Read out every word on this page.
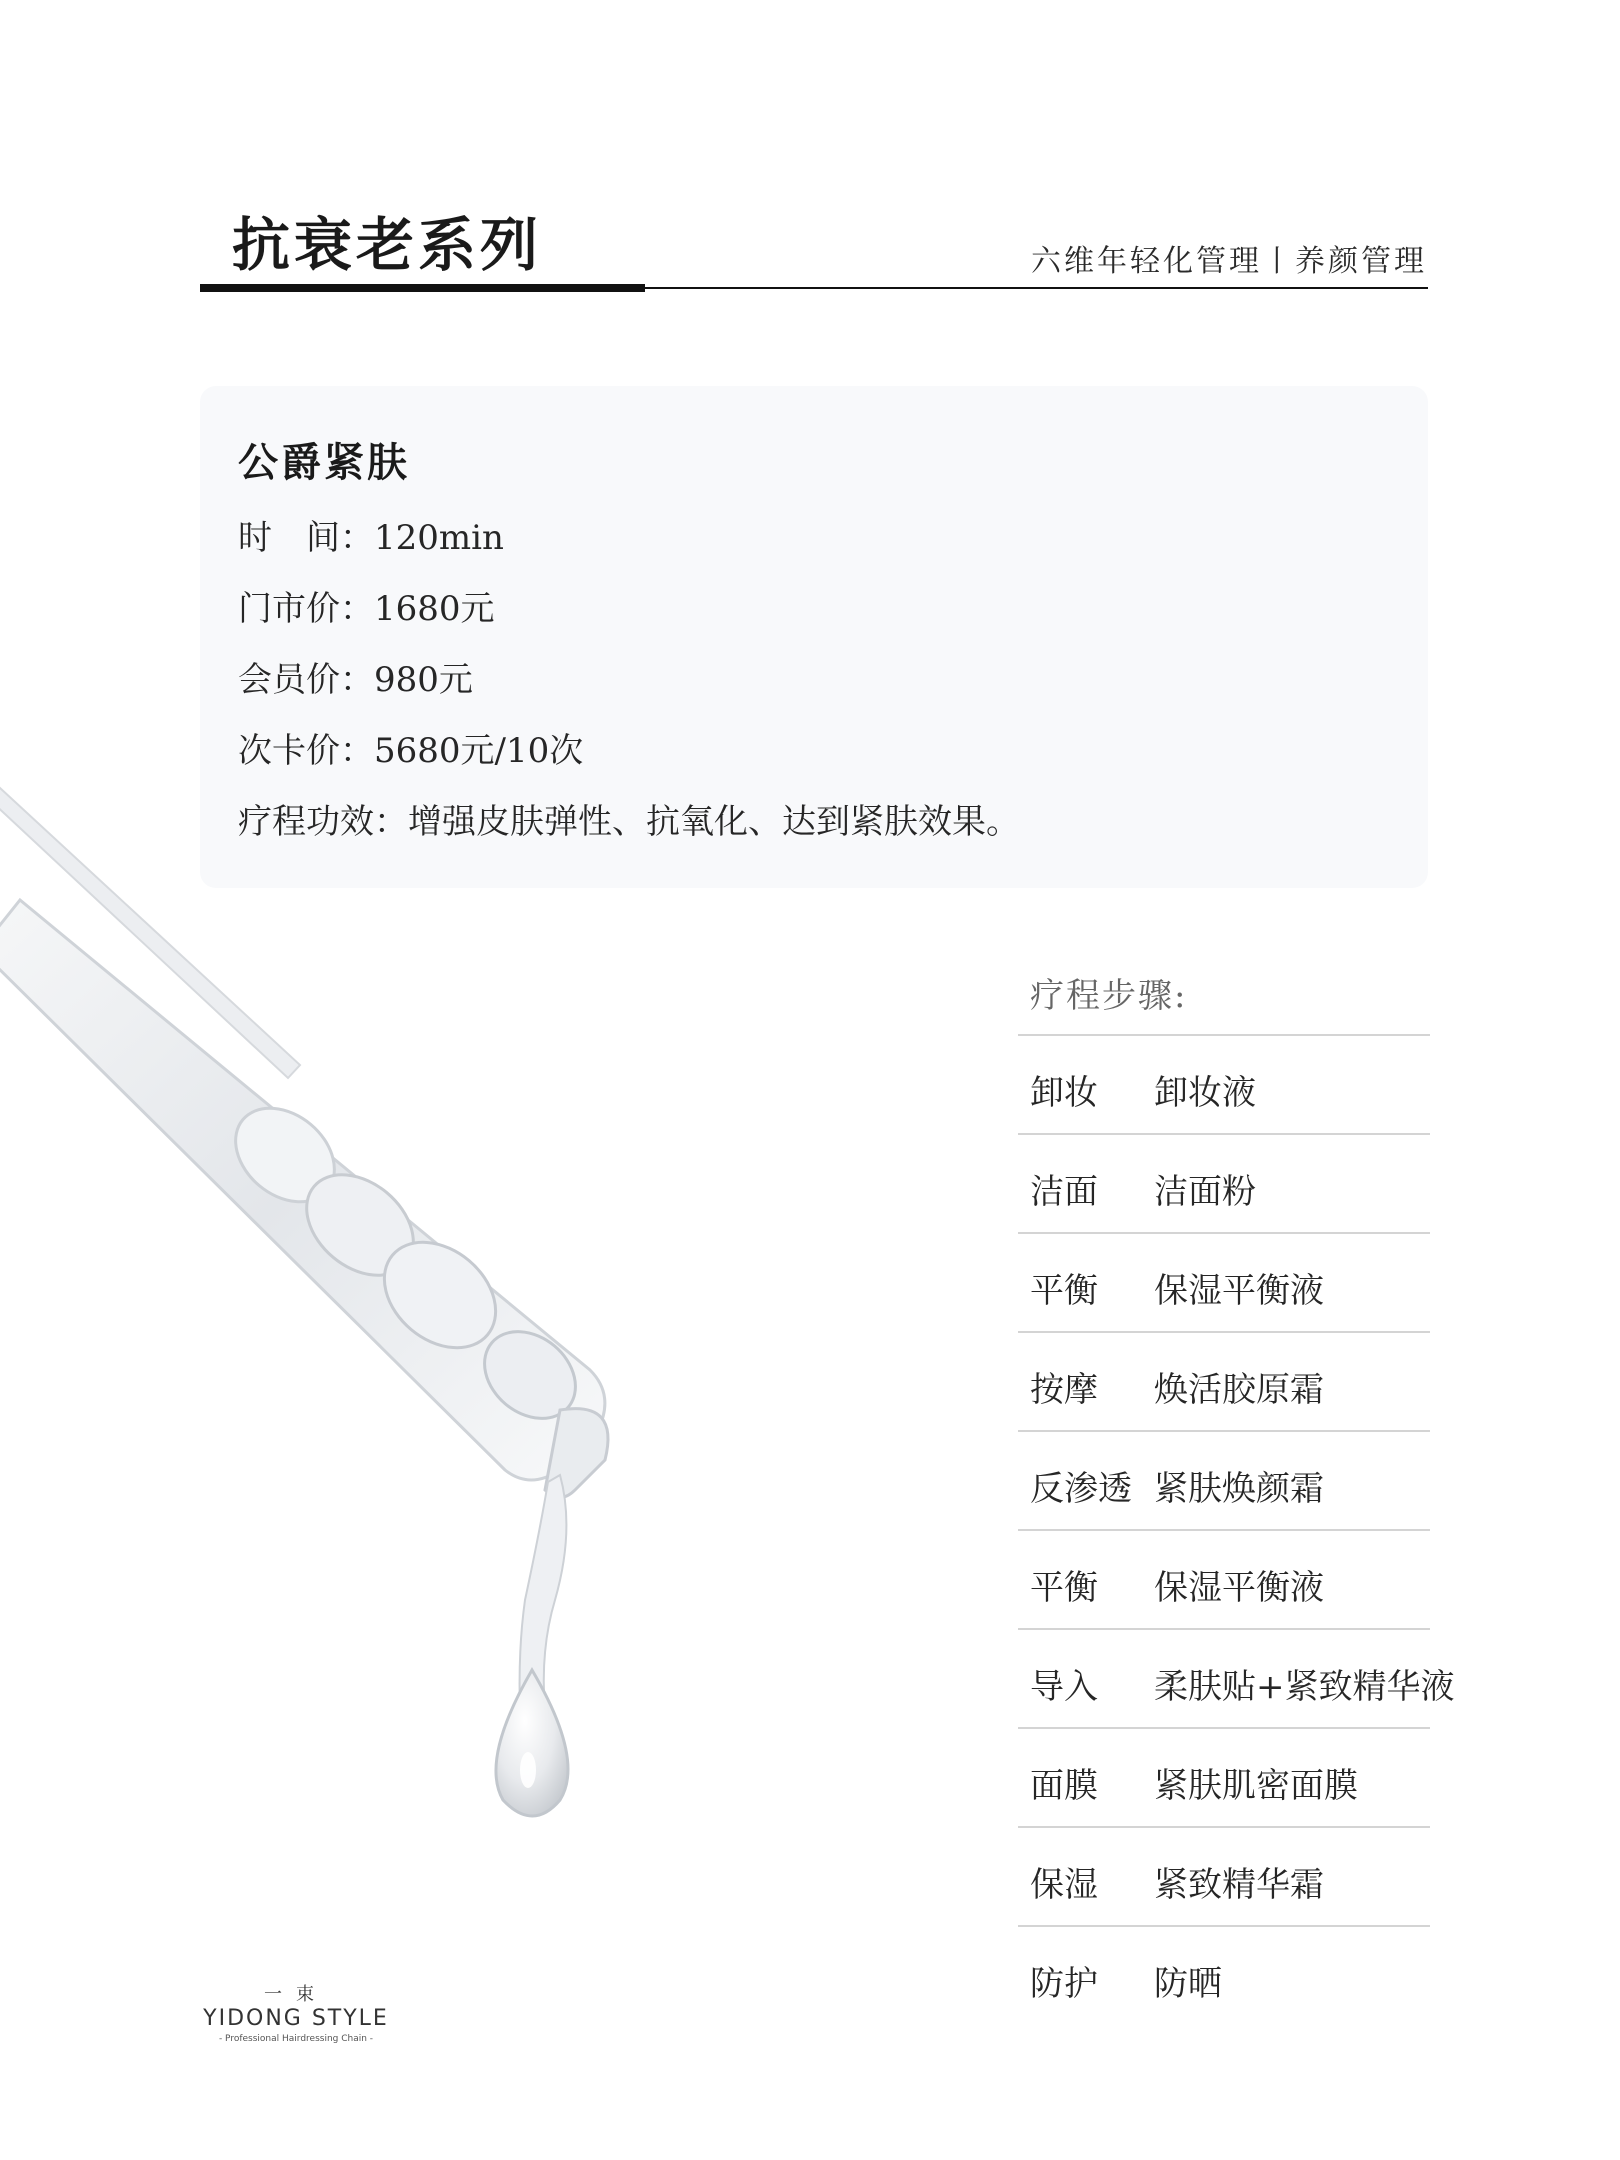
抗衰老系列	六维年轻化管理丨养颜管理
公爵紧肤
时　间：120min
门市价：1680元
会员价：980元
次卡价：5680元/10次
疗程功效：增强皮肤弹性、抗氧化、达到紧肤效果。
疗程步骤:
卸妆 卸妆液
洁面 洁面粉
平衡 保湿平衡液
按摩 焕活胶原霜
反渗透 紧肤焕颜霜
平衡 保湿平衡液
导入 柔肤贴+紧致精华液
面膜 紧肤肌密面膜
保湿 紧致精华霜
防护 防晒
一束
YIDONG STYLE
- Professional Hairdressing Chain -
